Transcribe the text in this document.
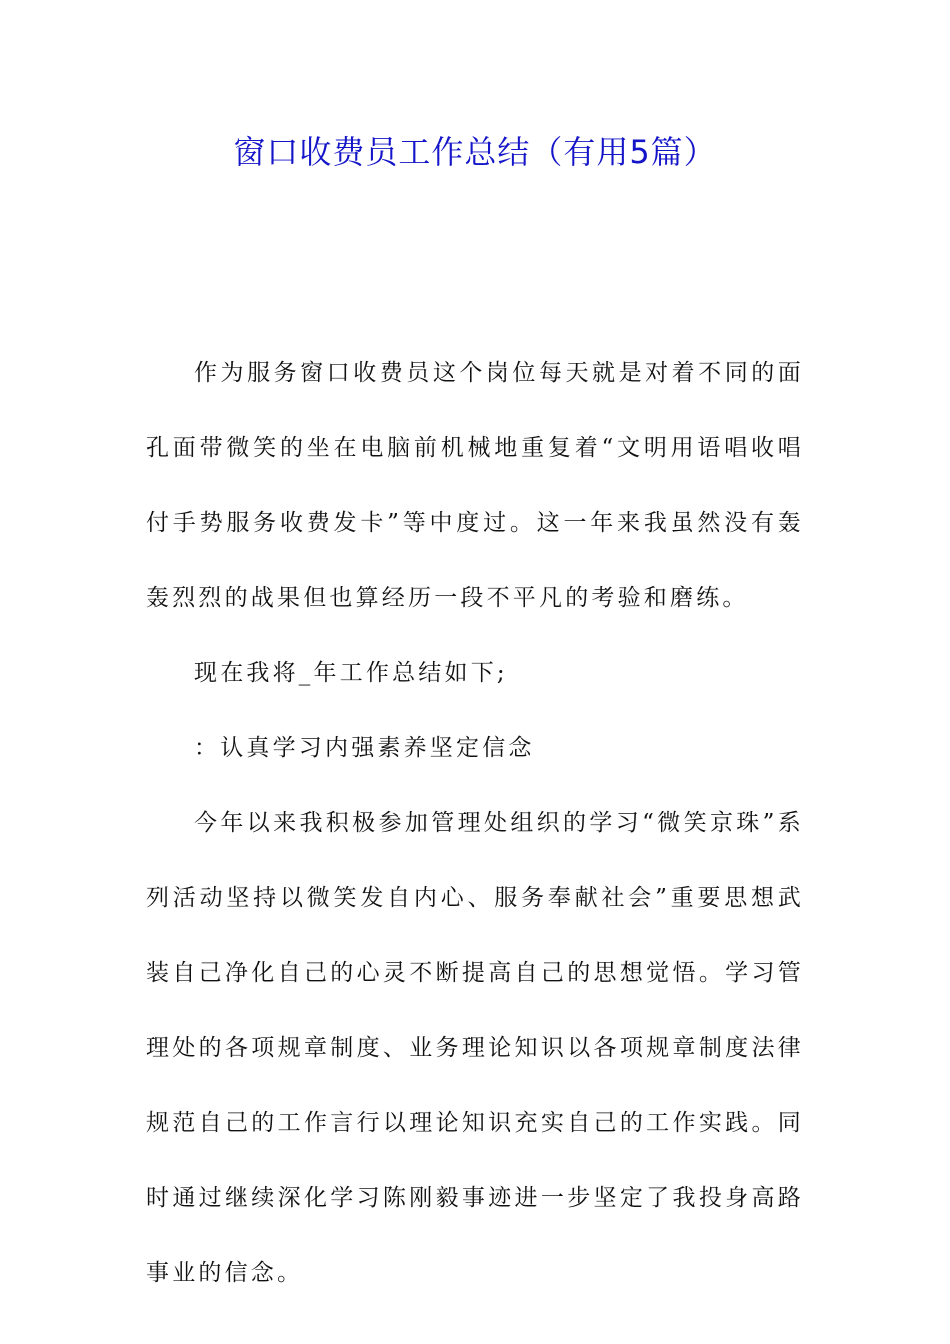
窗口收费员工作总结（有用5篇）

作为服务窗口收费员这个岗位每天就是对着不同的面孔面带微笑的坐在电脑前机械地重复着“文明用语唱收唱付手势服务收费发卡”等中度过。这一年来我虽然没有轰轰烈烈的战果但也算经历一段不平凡的考验和磨练。

现在我将_年工作总结如下;

：认真学习内强素养坚定信念

今年以来我积极参加管理处组织的学习“微笑京珠”系列活动坚持以微笑发自内心、服务奉献社会”重要思想武装自己净化自己的心灵不断提高自己的思想觉悟。学习管理处的各项规章制度、业务理论知识以各项规章制度法律规范自己的工作言行以理论知识充实自己的工作实践。同时通过继续深化学习陈刚毅事迹进一步坚定了我投身高路事业的信念。
